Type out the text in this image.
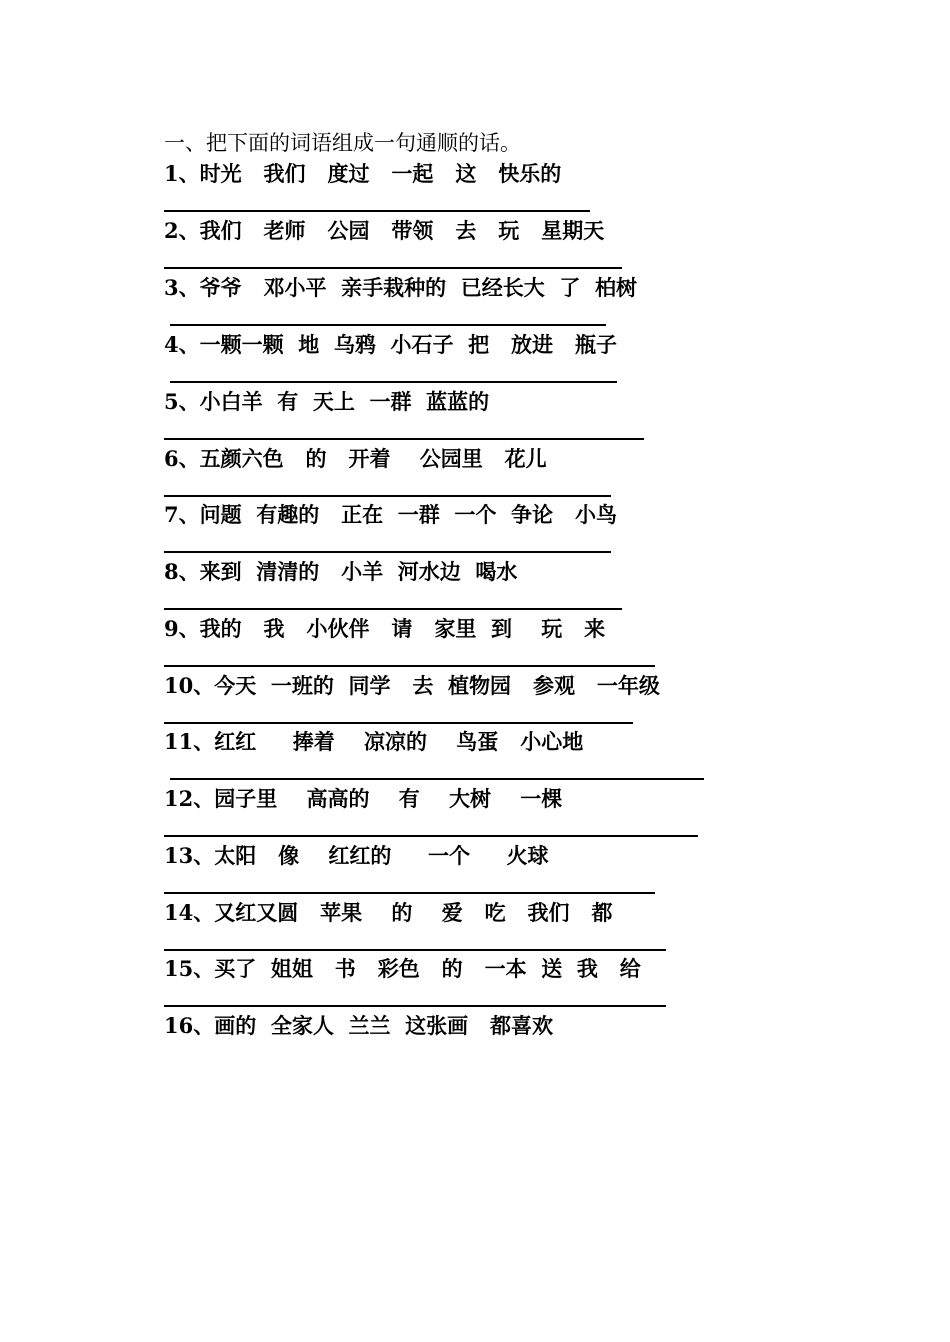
一、把下面的词语组成一句通顺的话。
1、时光   我们   度过   一起   这   快乐的
2、我们   老师   公园   带领   去   玩   星期天
3、爷爷   邓小平  亲手栽种的  已经长大  了  柏树
4、一颗一颗  地  乌鸦  小石子  把   放进   瓶子
5、小白羊  有  天上  一群  蓝蓝的
6、五颜六色   的   开着    公园里   花儿
7、问题  有趣的   正在  一群  一个  争论   小鸟
8、来到  清清的   小羊  河水边  喝水
9、我的   我   小伙伴   请   家里  到    玩   来
10、今天  一班的  同学   去  植物园   参观   一年级
11、红红     捧着    凉凉的    鸟蛋   小心地
12、园子里    高高的    有    大树    一棵
13、太阳   像    红红的     一个     火球
14、又红又圆   苹果    的    爱   吃   我们   都
15、买了  姐姐   书   彩色   的   一本  送  我   给
16、画的  全家人  兰兰  这张画   都喜欢
